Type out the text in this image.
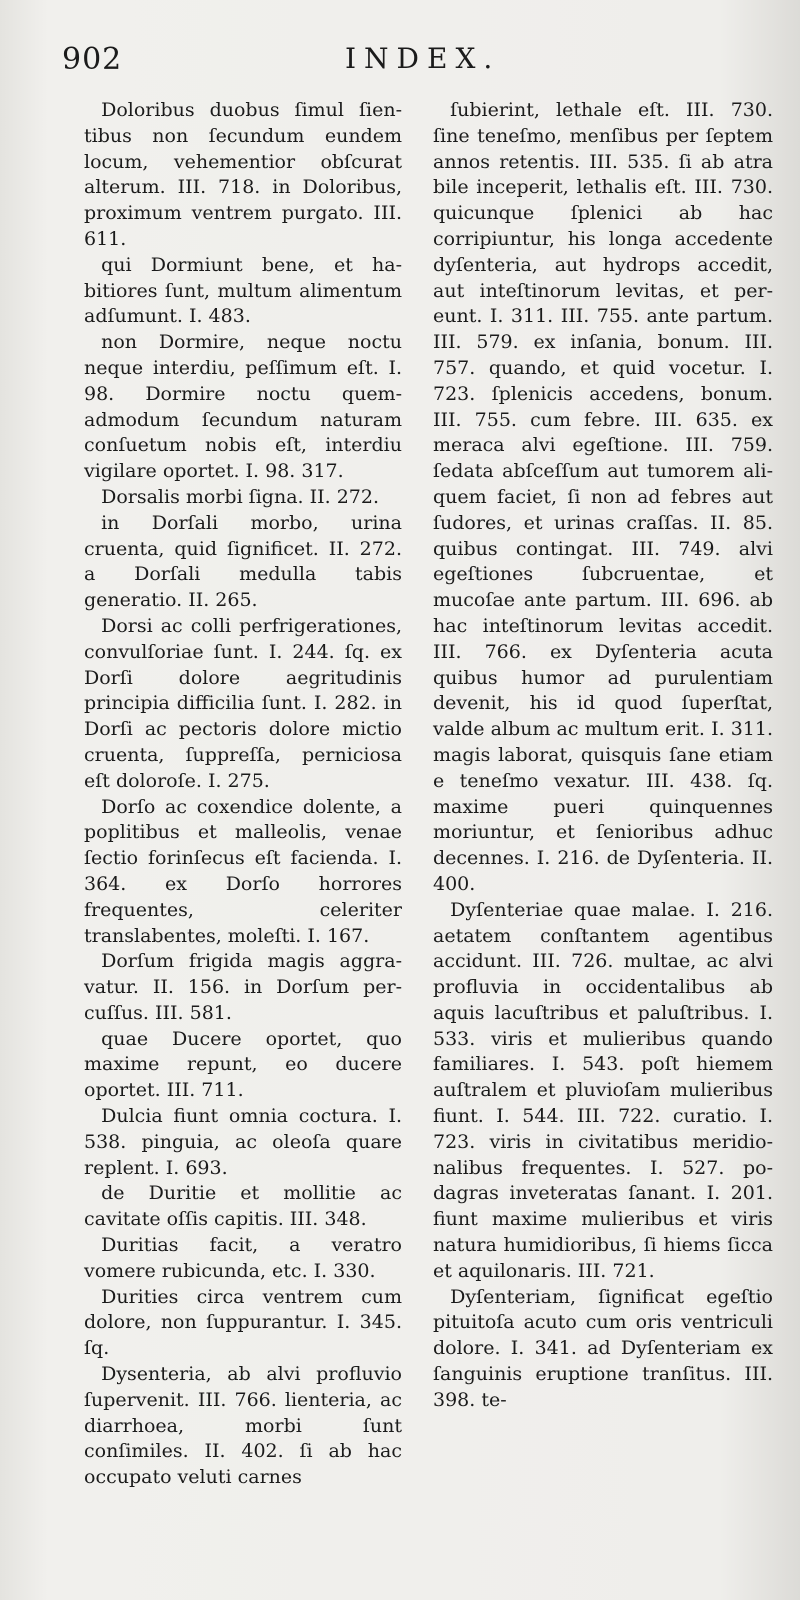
902	INDEX.

Doloribus duobus ſimul ſientibus non ſecundum eundem locum, vehementior obſcurat alterum. III. 718. in Doloribus, proximum ventrem purgato. III. 611.

qui Dormiunt bene, et habitiores ſunt, multum alimentum adſumunt. I. 483.

non Dormire, neque noctu neque interdiu, peſſimum eſt. I. 98. Dormire noctu quemadmodum ſecundum naturam conſuetum nobis eſt, interdiu vigilare oportet. I. 98. 317.

Dorsalis morbi ſigna. II. 272.

in Dorſali morbo, urina cruenta, quid ſignificet. II. 272. a Dorſali medulla tabis generatio. II. 265.

Dorsi ac colli perfrigerationes, convulſoriae ſunt. I. 244. ſq. ex Dorſi dolore aegritudinis principia difficilia ſunt. I. 282. in Dorſi ac pectoris dolore mictio cruenta, ſuppreſſa, perniciosa eſt doloroſe. I. 275.

Dorſo ac coxendice dolente, a poplitibus et malleolis, venae ſectio forinſecus eſt facienda. I. 364. ex Dorſo horrores frequentes, celeriter translabentes, moleſti. I. 167.

Dorſum frigida magis aggravatur. II. 156. in Dorſum percuſſus. III. 581.

quae Ducere oportet, quo maxime repunt, eo ducere oportet. III. 711.

Dulcia fiunt omnia coctura. I. 538. pinguia, ac oleoſa quare replent. I. 693.

de Duritie et mollitie ac cavitate oſſis capitis. III. 348.

Duritias facit, a veratro vomere rubicunda, etc. I. 330.

Durities circa ventrem cum dolore, non ſuppurantur. I. 345. ſq.

Dysenteria, ab alvi profluvio ſupervenit. III. 766. lienteria, ac diarrhoea, morbi ſunt conſimiles. II. 402. ſi ab hac occupato veluti carnes

ſubierint, lethale eſt. III. 730. ſine teneſmo, menſibus per ſeptem annos retentis. III. 535. ſi ab atra bile inceperit, lethalis eſt. III. 730. quicunque ſplenici ab hac corripiuntur, his longa accedente dyſenteria, aut hydrops accedit, aut inteſtinorum levitas, et pereunt. I. 311. III. 755. ante partum. III. 579. ex inſania, bonum. III. 757. quando, et quid vocetur. I. 723. ſplenicis accedens, bonum. III. 755. cum febre. III. 635. ex meraca alvi egeſtione. III. 759. ſedata abſceſſum aut tumorem aliquem faciet, ſi non ad febres aut ſudores, et urinas craſſas. II. 85. quibus contingat. III. 749. alvi egeſtiones ſubcruentae, et mucoſae ante partum. III. 696. ab hac inteſtinorum levitas accedit. III. 766. ex Dyſenteria acuta quibus humor ad purulentiam devenit, his id quod ſuperſtat, valde album ac multum erit. I. 311. magis laborat, quisquis ſane etiam e teneſmo vexatur. III. 438. ſq. maxime pueri quinquennes moriuntur, et ſenioribus adhuc decennes. I. 216. de Dyſenteria. II. 400.

Dyſenteriae quae malae. I. 216. aetatem conſtantem agentibus accidunt. III. 726. multae, ac alvi profluvia in occidentalibus ab aquis lacuſtribus et paluſtribus. I. 533. viris et mulieribus quando familiares. I. 543. poſt hiemem auſtralem et pluvioſam mulieribus fiunt. I. 544. III. 722. curatio. I. 723. viris in civitatibus meridionalibus frequentes. I. 527. podagras inveteratas ſanant. I. 201. fiunt maxime mulieribus et viris natura humidioribus, ſi hiems ſicca et aquilonaris. III. 721.

Dyſenteriam, ſignificat egeſtio pituitoſa acuto cum oris ventriculi dolore. I. 341. ad Dyſenteriam ex ſanguinis eruptione tranſitus. III. 398. te-
